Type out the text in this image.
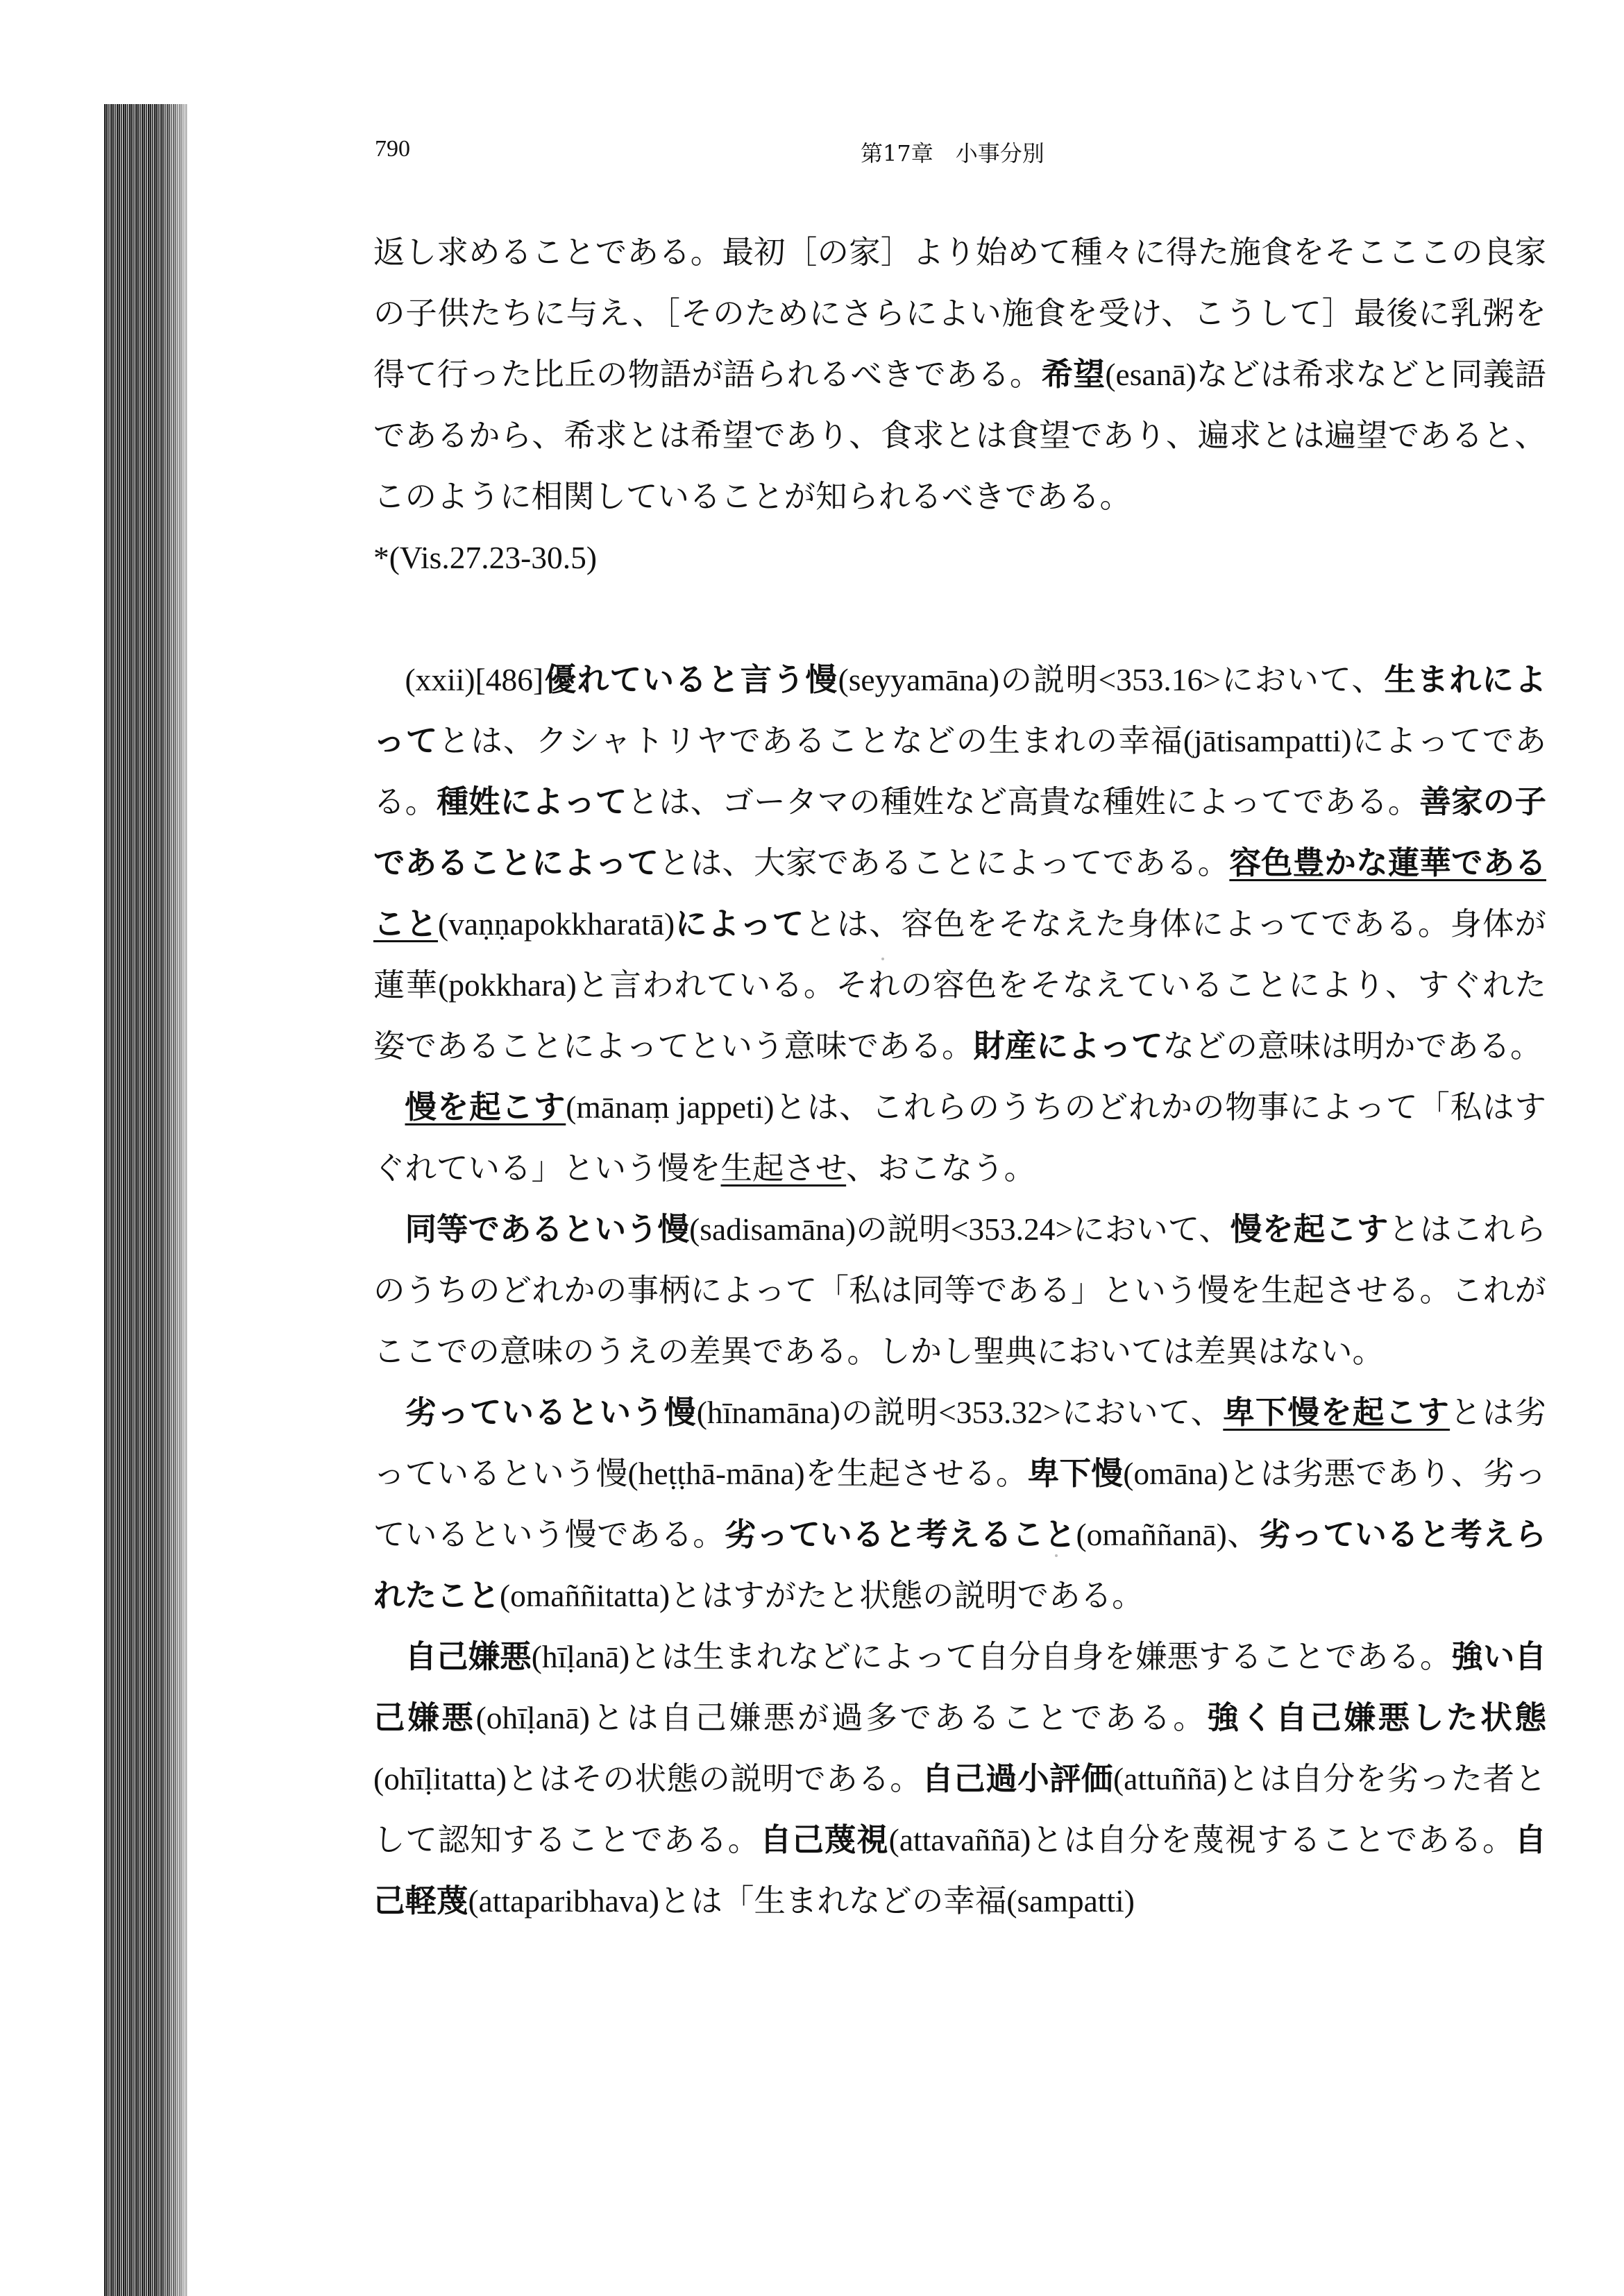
790	第17章　小事分別

返し求めることである。最初［の家］より始めて種々に得た施食をそこここの良家の子供たちに与え、［そのためにさらによい施食を受け、こうして］最後に乳粥を得て行った比丘の物語が語られるべきである。希望(esanā)などは希求などと同義語であるから、希求とは希望であり、食求とは食望であり、遍求とは遍望であると、このように相関していることが知られるべきである。
*(Vis.27.23-30.5)

(xxii)[486]優れていると言う慢(seyyamāna)の説明<353.16>において、生まれによってとは、クシャトリヤであることなどの生まれの幸福(jātisampatti)によってである。種姓によってとは、ゴータマの種姓など高貴な種姓によってである。善家の子であることによってとは、大家であることによってである。容色豊かな蓮華であること(vaṇṇapokkharatā)によってとは、容色をそなえた身体によってである。身体が蓮華(pokkhara)と言われている。それの容色をそなえていることにより、すぐれた姿であることによってという意味である。財産によってなどの意味は明かである。

慢を起こす(mānaṃ jappeti)とは、これらのうちのどれかの物事によって「私はすぐれている」という慢を生起させ、おこなう。

同等であるという慢(sadisamāna)の説明<353.24>において、慢を起こすとはこれらのうちのどれかの事柄によって「私は同等である」という慢を生起させる。これがここでの意味のうえの差異である。しかし聖典においては差異はない。

劣っているという慢(hīnamāna)の説明<353.32>において、卑下慢を起こすとは劣っているという慢(heṭṭhā-māna)を生起させる。卑下慢(omāna)とは劣悪であり、劣っているという慢である。劣っていると考えること(omaññanā)、劣っていると考えられたこと(omaññitatta)とはすがたと状態の説明である。

自己嫌悪(hīḷanā)とは生まれなどによって自分自身を嫌悪することである。強い自己嫌悪(ohīḷanā)とは自己嫌悪が過多であることである。強く自己嫌悪した状態(ohīḷitatta)とはその状態の説明である。自己過小評価(attuññā)とは自分を劣った者として認知することである。自己蔑視(attavaññā)とは自分を蔑視することである。自己軽蔑(attaparibhava)とは「生まれなどの幸福(sampatti)
